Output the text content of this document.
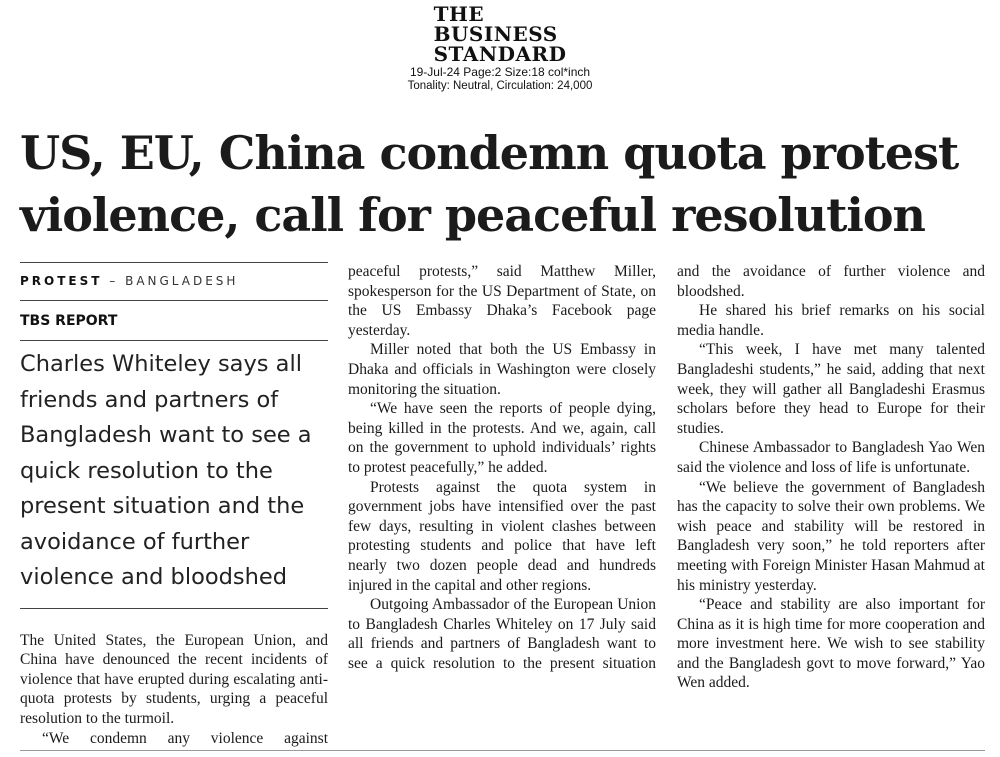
THE
BUSINESS
STANDARD
19-Jul-24 Page:2 Size:18 col*inch
Tonality: Neutral, Circulation: 24,000
US, EU, China condemn quota protest violence, call for peaceful resolution
PROTEST – BANGLADESH
TBS REPORT
Charles Whiteley says all friends and partners of Bangladesh want to see a quick resolution to the present situation and the avoidance of further violence and bloodshed

The United States, the European Union, and China have denounced the recent incidents of violence that have erupted during escalating anti-quota protests by students, urging a peaceful resolution to the turmoil.

“We condemn any violence against

peaceful protests,” said Matthew Miller, spokesperson for the US Department of State, on the US Embassy Dhaka’s Facebook page yesterday.

Miller noted that both the US Embassy in Dhaka and officials in Washington were closely monitoring the situation.

“We have seen the reports of people dying, being killed in the protests. And we, again, call on the government to uphold individuals’ rights to protest peacefully,” he added.

Protests against the quota system in government jobs have intensified over the past few days, resulting in violent clashes between protesting students and police that have left nearly two dozen people dead and hundreds injured in the capital and other regions.

Outgoing Ambassador of the European Union to Bangladesh Charles Whiteley on 17 July said all friends and partners of Bangladesh want to see a quick resolution to the present situation

and the avoidance of further violence and bloodshed.

He shared his brief remarks on his social media handle.

“This week, I have met many talented Bangladeshi students,” he said, adding that next week, they will gather all Bangladeshi Erasmus scholars before they head to Europe for their studies.

Chinese Ambassador to Bangladesh Yao Wen said the violence and loss of life is unfortunate.

“We believe the government of Bangladesh has the capacity to solve their own problems. We wish peace and stability will be restored in Bangladesh very soon,” he told reporters after meeting with Foreign Minister Hasan Mahmud at his ministry yesterday.

“Peace and stability are also important for China as it is high time for more cooperation and more investment here. We wish to see stability and the Bangladesh govt to move forward,” Yao Wen added.
